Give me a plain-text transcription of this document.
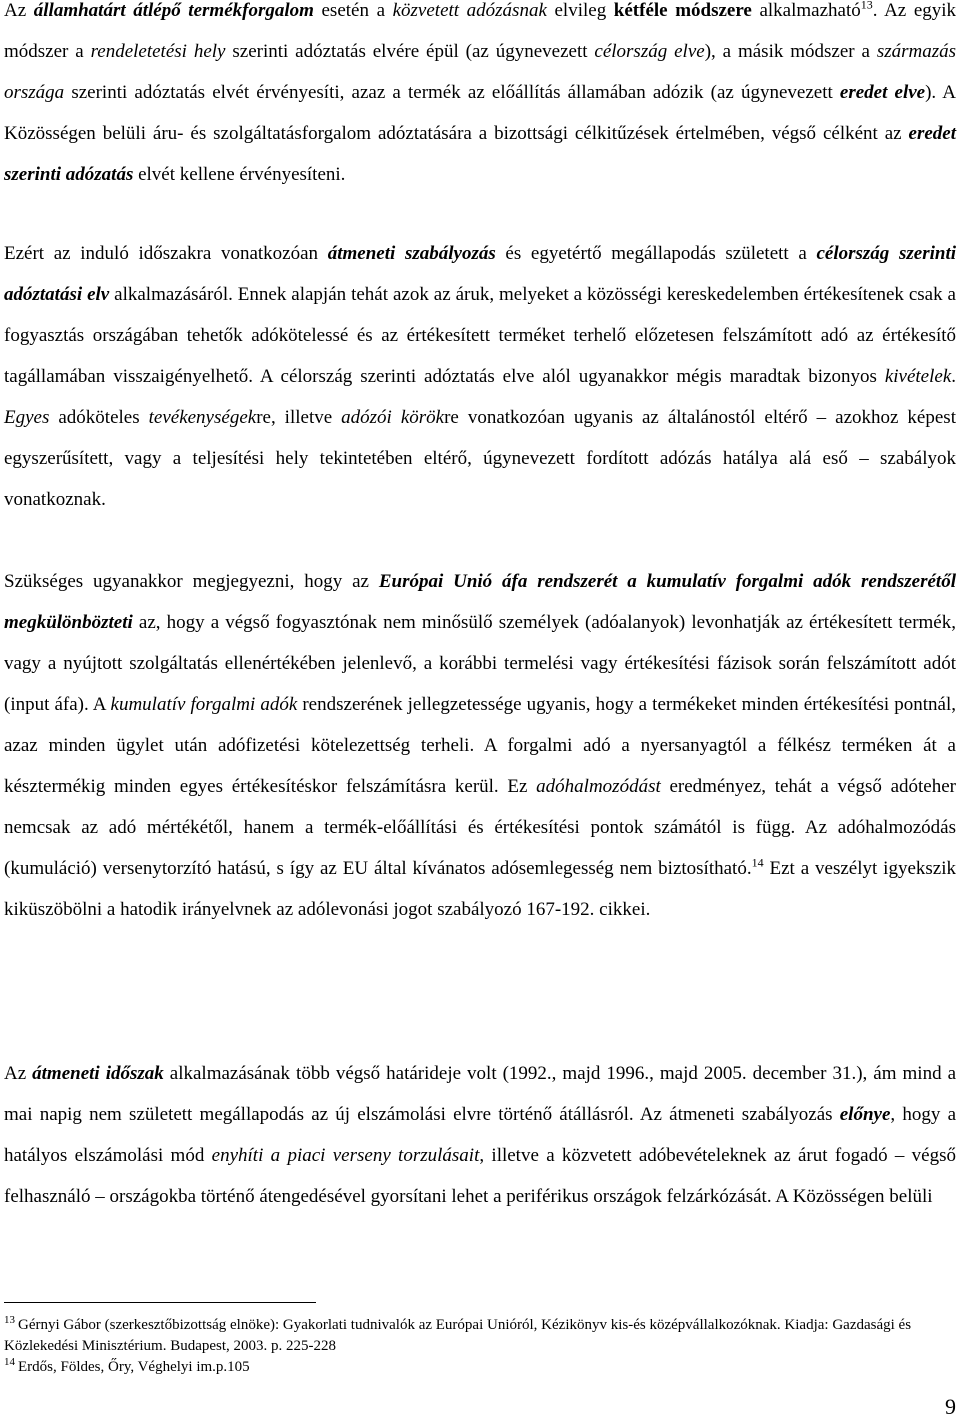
Az államhatárt átlépő termékforgalom esetén a közvetett adózásnak elvileg kétféle módszere alkalmazható$^{13}$. Az egyik módszer a rendeletetési hely szerinti adóztatás elvére épül (az úgynevezett célország elve), a másik módszer a származás országa szerinti adóztatás elvét érvényesíti, azaz a termék az előállítás államában adózik (az úgynevezett eredet elve). A Közösségen belüli áru- és szolgáltatásforgalom adóztatására a bizottsági célkitűzések értelmében, végső célként az eredet szerinti adózatás elvét kellene érvényesíteni.

Ezért az induló időszakra vonatkozóan átmeneti szabályozás és egyetértő megállapodás született a célország szerinti adóztatási elv alkalmazásáról. Ennek alapján tehát azok az áruk, melyeket a közösségi kereskedelemben értékesítenek csak a fogyasztás országában tehetők adókötelessé és az értékesített terméket terhelő előzetesen felszámított adó az értékesítő tagállamában visszaigényelhető. A célország szerinti adóztatás elve alól ugyanakkor mégis maradtak bizonyos kivételek. Egyes adóköteles tevékenységekre, illetve adózói körökre vonatkozóan ugyanis az általánostól eltérő – azokhoz képest egyszerűsített, vagy a teljesítési hely tekintetében eltérő, úgynevezett fordított adózás hatálya alá eső – szabályok vonatkoznak.

Szükséges ugyanakkor megjegyezni, hogy az Európai Unió áfa rendszerét a kumulatív forgalmi adók rendszerétől megkülönbözteti az, hogy a végső fogyasztónak nem minősülő személyek (adóalanyok) levonhatják az értékesített termék, vagy a nyújtott szolgáltatás ellenértékében jelenlevő, a korábbi termelési vagy értékesítési fázisok során felszámított adót (input áfa). A kumulatív forgalmi adók rendszerének jellegzetessége ugyanis, hogy a termékeket minden értékesítési pontnál, azaz minden ügylet után adófizetési kötelezettség terheli. A forgalmi adó a nyersanyagtól a félkész terméken át a késztermékig minden egyes értékesítéskor felszámításra kerül. Ez adóhalmozódást eredményez, tehát a végső adóteher nemcsak az adó mértékétől, hanem a termék-előállítási és értékesítési pontok számától is függ. Az adóhalmozódás (kumuláció) versenytorzító hatású, s így az EU által kívánatos adósemlegesség nem biztosítható.$^{14}$ Ezt a veszélyt igyekszik kiküszöbölni a hatodik irányelvnek az adólevonási jogot szabályozó 167-192. cikkei.

Az átmeneti időszak alkalmazásának több végső határideje volt (1992., majd 1996., majd 2005. december 31.), ám mind a mai napig nem született megállapodás az új elszámolási elvre történő átállásról. Az átmeneti szabályozás előnye, hogy a hatályos elszámolási mód enyhíti a piaci verseny torzulásait, illetve a közvetett adóbevételeknek az árut fogadó – végső felhasználó – országokba történő átengedésével gyorsítani lehet a periférikus országok felzárkózását. A Közösségen belüli

$^{13}$ Gérnyi Gábor (szerkesztőbizottság elnöke): Gyakorlati tudnivalók az Európai Unióról, Kézikönyv kis-és középvállalkozóknak. Kiadja: Gazdasági és Közlekedési Minisztérium. Budapest, 2003. p. 225-228

$^{14}$ Erdős, Földes, Őry, Véghelyi im.p.105

9
